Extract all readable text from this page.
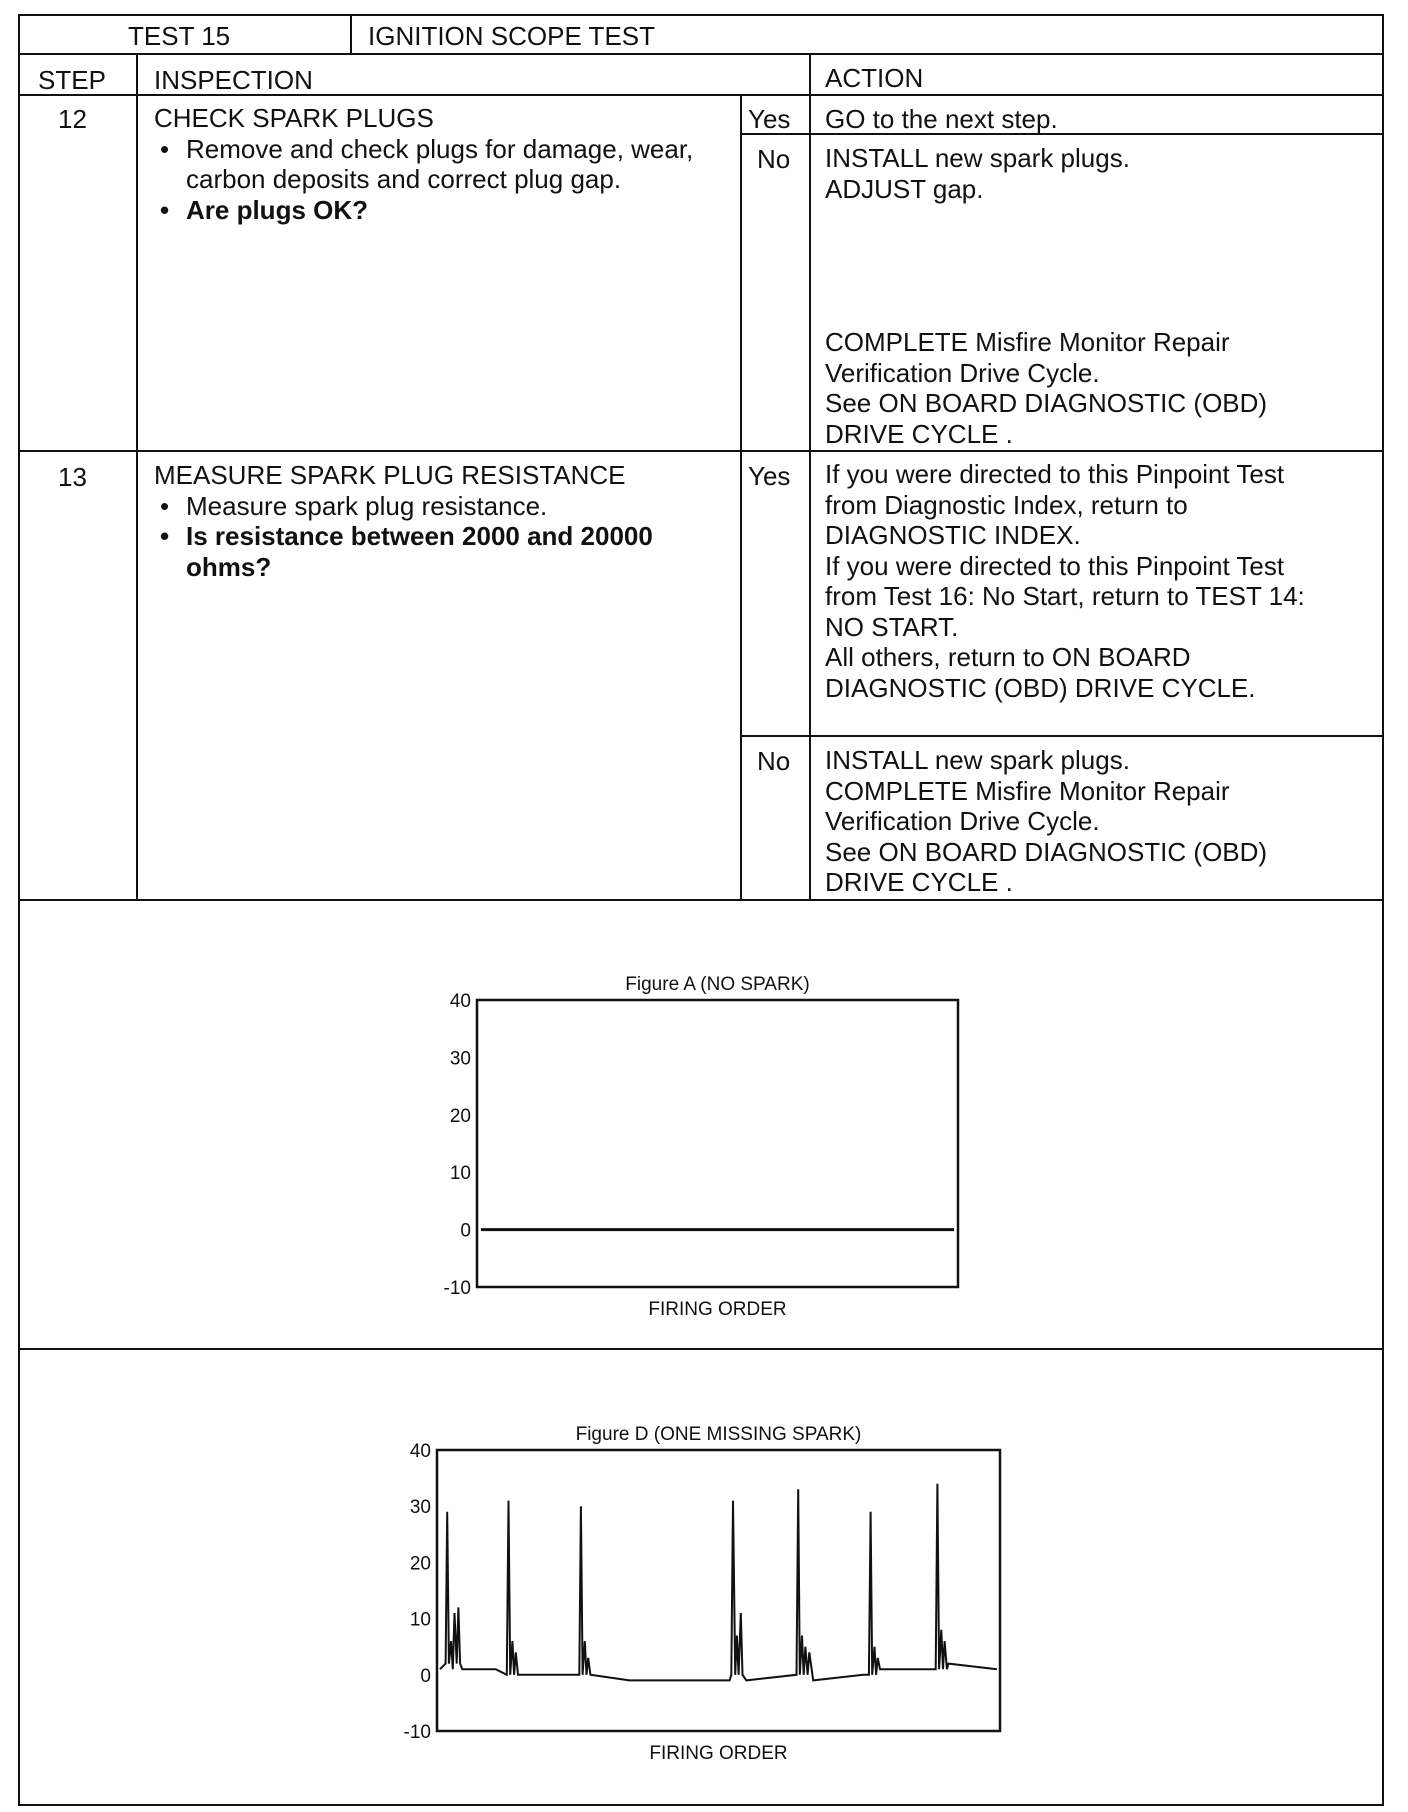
TEST 15	IGNITION SCOPE TEST
STEP INSPECTION	ACTION
12	CHECK SPARK PLUGS
• Remove and check plugs for damage, wear,
carbon deposits and correct plug gap.
• Are plugs OK?
Yes GO to the next step.
No INSTALL new spark plugs.
ADJUST gap.
COMPLETE Misfire Monitor Repair
Verification Drive Cycle.
See ON BOARD DIAGNOSTIC (OBD)
DRIVE CYCLE .
13	MEASURE SPARK PLUG RESISTANCE
• Measure spark plug resistance.
• Is resistance between 2000 and 20000
ohms?
Yes If you were directed to this Pinpoint Test
from Diagnostic Index, return to
DIAGNOSTIC INDEX.
If you were directed to this Pinpoint Test
from Test 16: No Start, return to TEST 14:
NO START.
All others, return to ON BOARD
DIAGNOSTIC (OBD) DRIVE CYCLE.
No INSTALL new spark plugs.
COMPLETE Misfire Monitor Repair
Verification Drive Cycle.
See ON BOARD DIAGNOSTIC (OBD)
DRIVE CYCLE .
Figure A (NO SPARK)
40
30
20
10
0
-10
FIRING ORDER
Figure D (ONE MISSING SPARK)
40
30
20
10
0
-10
FIRING ORDER
